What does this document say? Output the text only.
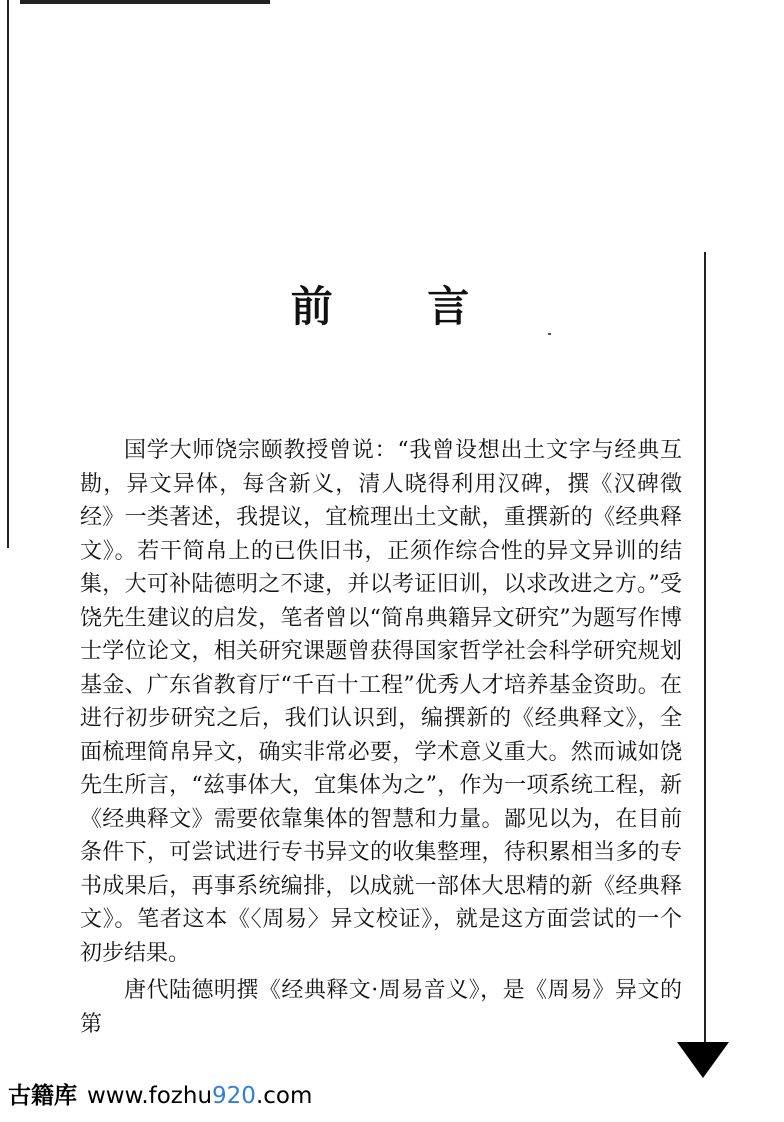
前 言

国学大师饶宗颐教授曾说：“我曾设想出土文字与经典互勘，异文异体，每含新义，清人晓得利用汉碑，撰《汉碑徵经》一类著述，我提议，宜梳理出土文献，重撰新的《经典释文》。若干简帛上的已佚旧书，正须作综合性的异文异训的结集，大可补陆德明之不逮，并以考证旧训，以求改进之方。”受饶先生建议的启发，笔者曾以“简帛典籍异文研究”为题写作博士学位论文，相关研究课题曾获得国家哲学社会科学研究规划基金、广东省教育厅“千百十工程”优秀人才培养基金资助。在进行初步研究之后，我们认识到，编撰新的《经典释文》，全面梳理简帛异文，确实非常必要，学术意义重大。然而诚如饶先生所言，“兹事体大，宜集体为之”，作为一项系统工程，新《经典释文》需要依靠集体的智慧和力量。鄙见以为，在目前条件下，可尝试进行专书异文的收集整理，待积累相当多的专书成果后，再事系统编排，以成就一部体大思精的新《经典释文》。笔者这本《〈周易〉异文校证》，就是这方面尝试的一个初步结果。

唐代陆德明撰《经典释文·周易音义》，是《周易》异文的第

古籍库 www.fozhu920.com
